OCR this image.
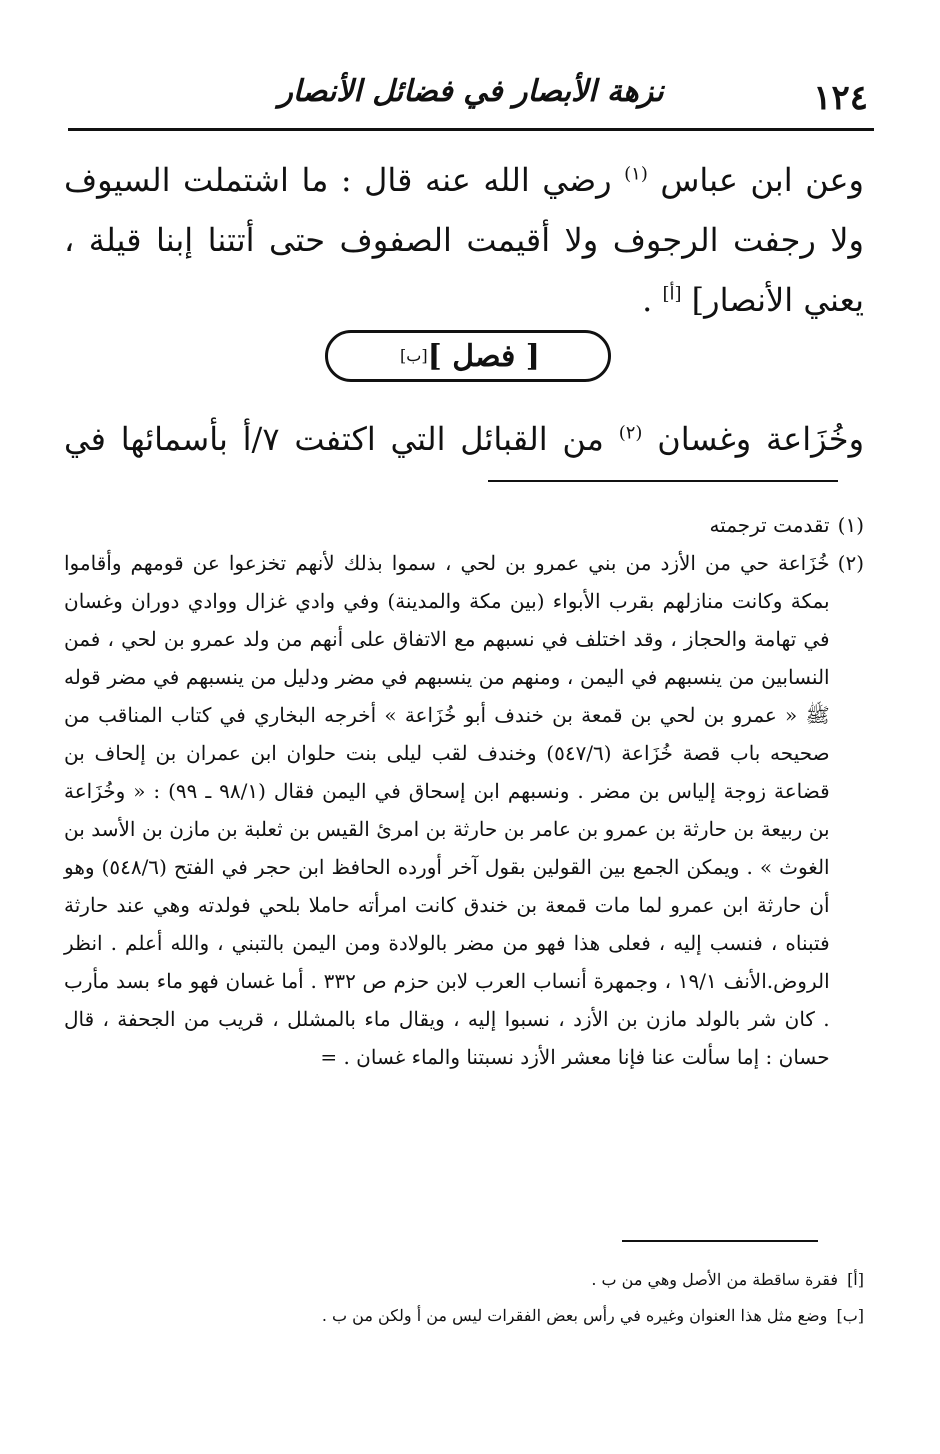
١٢٤
نزهة الأبصار في فضائل الأنصار

وعن ابن عباس $^{(١)}$ رضي الله عنه قال : ما اشتملت السيوف ولا رجفت الرجوف ولا أقيمت الصفوف حتى أتتنا إبنا قيلة ، يعني الأنصار] [أ] .

[ فصل ]
[ب]
وخُزَاعة وغسان $^{(٢)}$ من القبائل التي اكتفت ٧/أ بأسمائها في
(١)
تقدمت ترجمته
(٢)
خُزَاعة حي من الأزد من بني عمرو بن لحي ، سموا بذلك لأنهم تخزعوا عن قومهم وأقاموا بمكة وكانت منازلهم بقرب الأبواء (بين مكة والمدينة) وفي وادي غزال ووادي دوران وغسان في تهامة والحجاز ، وقد اختلف في نسبهم مع الاتفاق على أنهم من ولد عمرو بن لحي ، فمن النسابين من ينسبهم في اليمن ، ومنهم من ينسبهم في مضر ودليل من ينسبهم في مضر قوله ﷺ « عمرو بن لحي بن قمعة بن خندف أبو خُزَاعة » أخرجه البخاري في كتاب المناقب من صحيحه باب قصة خُزَاعة (٥٤٧/٦) وخندف لقب ليلى بنت حلوان ابن عمران بن إلحاف بن قضاعة زوجة إلياس بن مضر . ونسبهم ابن إسحاق في اليمن فقال (٩٨/١ ـ ٩٩) : « وخُزَاعة بن ربيعة بن حارثة بن عمرو بن عامر بن حارثة بن امرئ القيس بن ثعلبة بن مازن بن الأسد بن الغوث » . ويمكن الجمع بين القولين بقول آخر أورده الحافظ ابن حجر في الفتح (٥٤٨/٦) وهو أن حارثة ابن عمرو لما مات قمعة بن خندق كانت امرأته حاملا بلحي فولدته وهي عند حارثة فتبناه ، فنسب إليه ، فعلى هذا فهو من مضر بالولادة ومن اليمن بالتبني ، والله أعلم . انظر الروض.الأنف ١٩/١ ، وجمهرة أنساب العرب لابن حزم ص ٣٣٢ . أما غسان فهو ماء بسد مأرب . كان شر بالولد مازن بن الأزد ، نسبوا إليه ، ويقال ماء بالمشلل ، قريب من الجحفة ، قال حسان : إما سألت عنا فإنا معشر الأزد نسبتنا والماء غسان . =
[أ] فقرة ساقطة من الأصل وهي من ب .
[ب] وضع مثل هذا العنوان وغيره في رأس بعض الفقرات ليس من أ ولكن من ب .
